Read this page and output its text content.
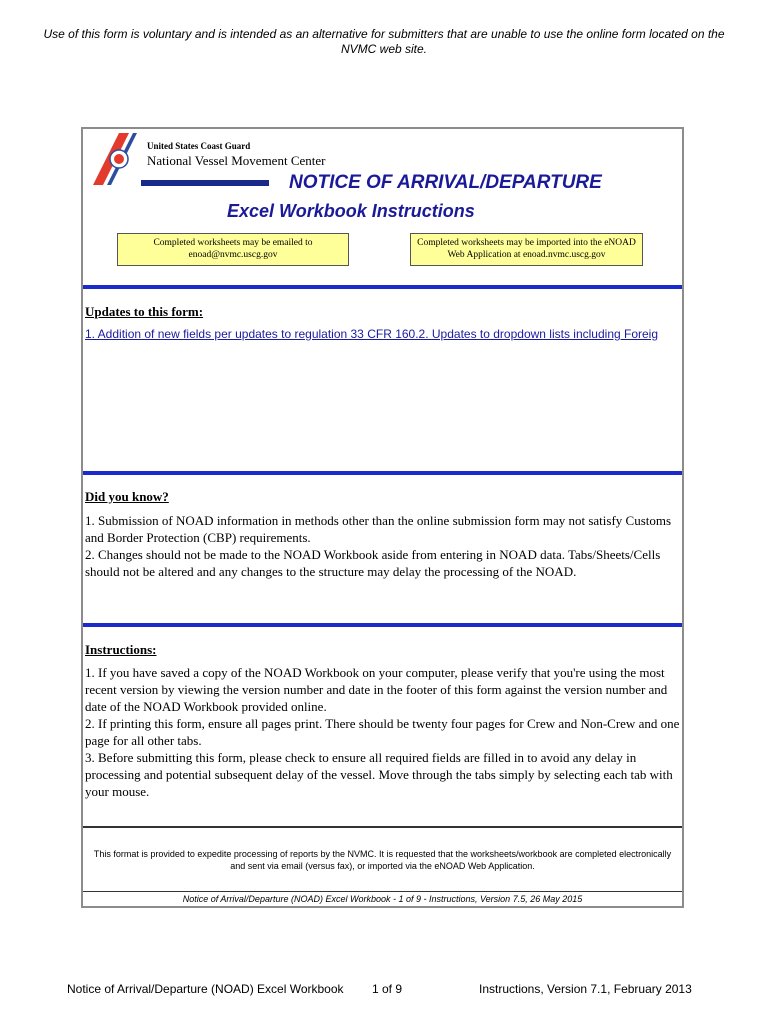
Use of this form is voluntary and is intended as an alternative for submitters that are unable to use the online form located on the NVMC web site.
United States Coast Guard
National Vessel Movement Center
NOTICE OF ARRIVAL/DEPARTURE
Excel Workbook Instructions
Completed worksheets may be emailed to enoad@nvmc.uscg.gov
Completed worksheets may be imported into the eNOAD Web Application at enoad.nvmc.uscg.gov
Updates to this form:
1. Addition of new fields per updates to regulation 33 CFR 160.2. Updates to dropdown lists including Foreig
Did you know?
1. Submission of NOAD information in methods other than the online submission form may not satisfy Customs and Border Protection (CBP) requirements.
2. Changes should not be made to the NOAD Workbook aside from entering in NOAD data. Tabs/Sheets/Cells should not be altered and any changes to the structure may delay the processing of the NOAD.
Instructions:
1. If you have saved a copy of the NOAD Workbook on your computer, please verify that you're using the most recent version by viewing the version number and date in the footer of this form against the version number and date of the NOAD Workbook provided online.
2. If printing this form, ensure all pages print. There should be twenty four pages for Crew and Non-Crew and one page for all other tabs.
3. Before submitting this form, please check to ensure all required fields are filled in to avoid any delay in processing and potential subsequent delay of the vessel. Move through the tabs simply by selecting each tab with your mouse.
This format is provided to expedite processing of reports by the NVMC. It is requested that the worksheets/workbook are completed electronically and sent via email (versus fax), or imported via the eNOAD Web Application.
Notice of Arrival/Departure (NOAD) Excel Workbook - 1 of 9 - Instructions, Version 7.5, 26 May 2015
Notice of Arrival/Departure (NOAD) Excel Workbook 1 of 9	Instructions, Version 7.1, February 2013
